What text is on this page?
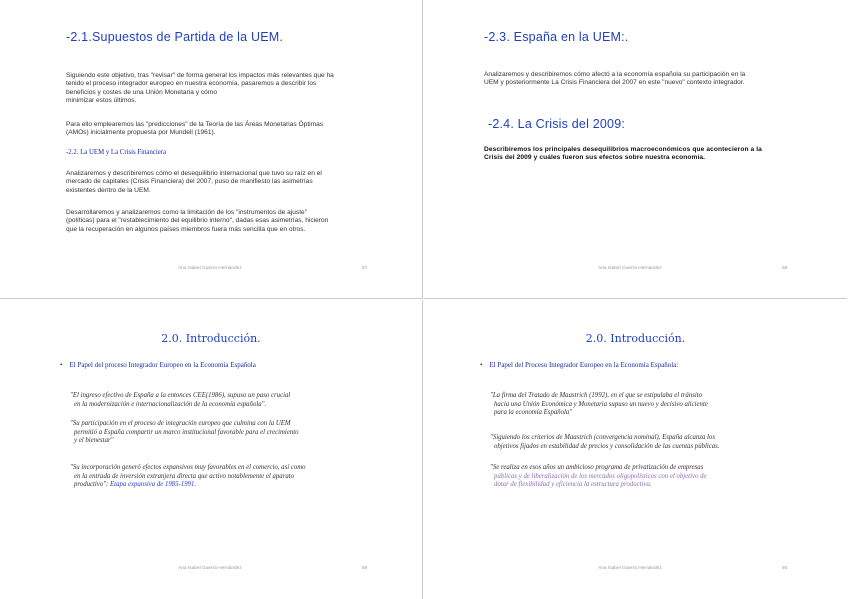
-2.1.Supuestos de Partida de la UEM.
Siguiendo este objetivo, tras "revisar" de forma general los impactos más relevantes que ha
tenido el proceso integrador europeo en nuestra economía, pasaremos a describir los
beneficios y costes de una Unión Monetaria y cómo
minimizar estos últimos.
Para ello emplearemos las "predicciones" de la Teoría de las Áreas Monetarias Óptimas
(AMOs) inicialmente propuesta por Mundell (1961).
-2.2. La UEM y La Crisis Financiera
Analizaremos y describiremos cómo el desequilibrio internacional que tuvo su raíz en el
mercado de capitales (Crisis Financiera) del 2007, puso de manifiesto las asimetrías
existentes dentro de la UEM.
Desarrollaremos y analizaremos como la limitación de los "instrumentos de ajuste"
(políticas) para el "restablecimiento del equilibrio interno", dadas esas asimetrías, hicieron
que la recuperación en algunos países miembros fuera más sencilla que en otros.
Ana Isabel Guerra Hernández	57
-2.3. España en la UEM:.
Analizaremos y describiremos cómo afectó a la economía española su participación en la
UEM y posteriormente La Crisis Financiera del 2007 en este "nuevo" contexto integrador.
-2.4. La Crisis del 2009:
Describiremos los principales desequilibrios macroeconómicos que acontecieron a la
Crisis del 2009 y cuáles fueron sus efectos sobre nuestra economía.
Ana Isabel Guerra Hernández	58
2.0. Introducción.
• El Papel del proceso Integrador Europeo en la Economía Española
"El ingreso efectivo de España a la entonces CEE(1986), supuso un paso crucial
en la modernización e internacionalización de la economía española".
"Su participación en el proceso de integración europeo que culmina con la UEM
permitió a España compartir un marco institucional favorable para el crecimiento
y el bienestar"
"Su incorporación generó efectos expansivos muy favorables en el comercio, así como
en la entrada de inversión extranjera directa que activo notablemente el aparato
productivo": Etapa expansiva de 1985-1991.
Ana Isabel Guerra Hernández	59
2.0. Introducción.
• El Papel del Proceso Integrador Europeo en la Economía Española:
"La firma del Tratado de Maastrich (1992), en el que se estipulaba el tránsito
hacia una Unión Económica y Monetaria supuso un nuevo y decisivo aliciente
para la economía Española"
"Siguiendo los criterios de Maastrich (convergencia nominal), España alcanza los
objetivos fijados en estabilidad de precios y consolidación de las cuentas públicas.
"Se realiza en esos años un ambicioso programa de privatización de empresas
públicas y de liberalización de los mercados oligopolísticos con el objetivo de
dotar de flexibilidad y eficiencia la estructura productiva.
Ana Isabel Guerra Hernández	60
